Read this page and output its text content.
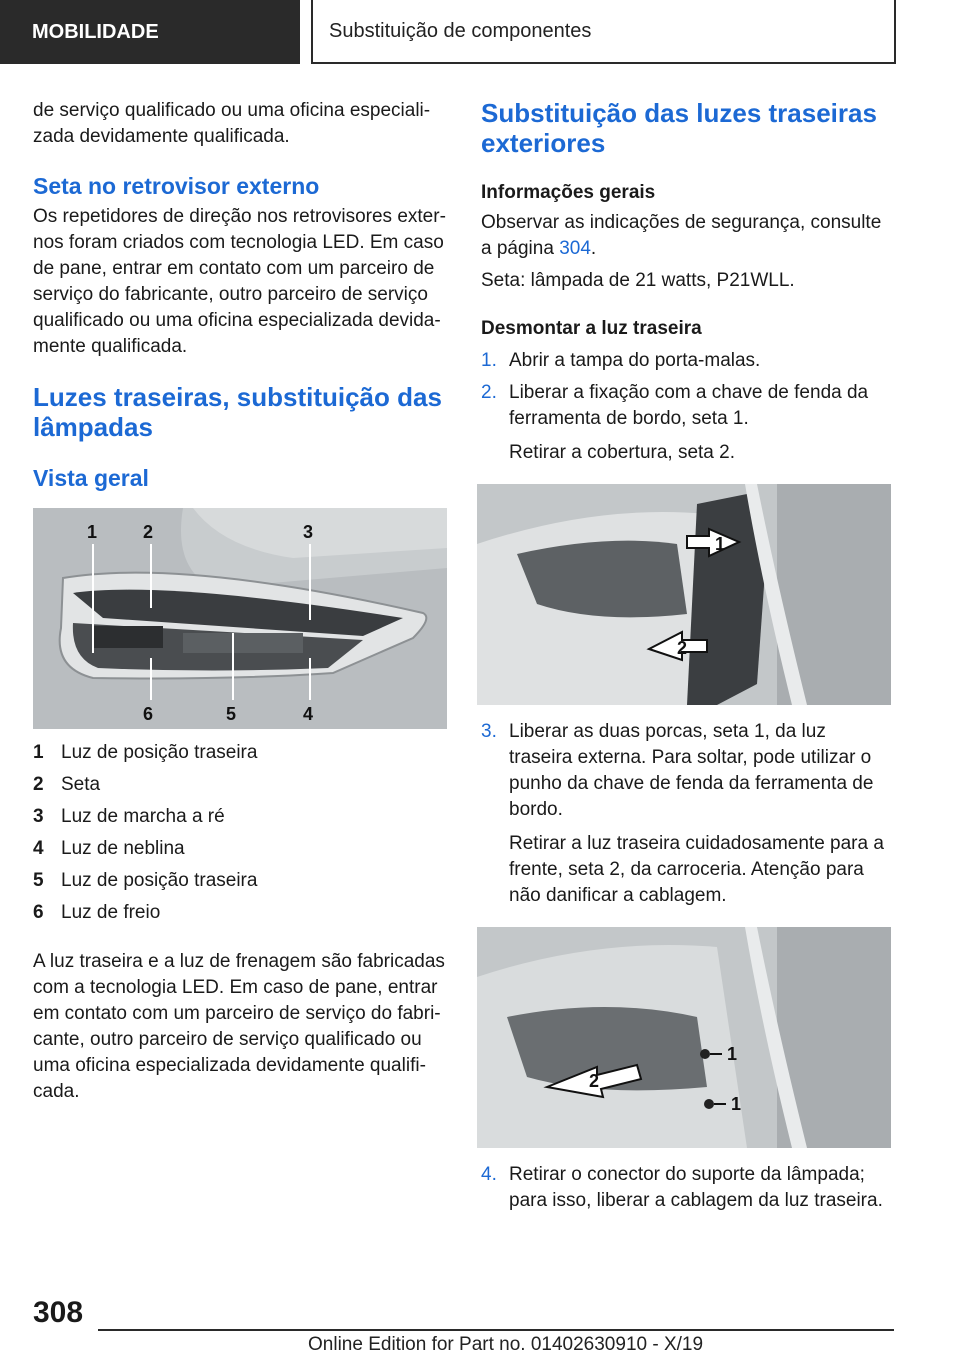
MOBILIDADE	Substituição de componentes

de serviço qualificado ou uma oficina especializada devidamente qualificada.

Seta no retrovisor externo

Os repetidores de direção nos retrovisores externos foram criados com tecnologia LED. Em caso de pane, entrar em contato com um parceiro de serviço do fabricante, outro parceiro de serviço qualificado ou uma oficina especializada devidamente qualificada.

Luzes traseiras, substituição das lâmpadas
Vista geral
1	2	3
4
5
6
1 Luz de posição traseira
2 Seta
3 Luz de marcha a ré
4 Luz de neblina
5 Luz de posição traseira
6 Luz de freio

A luz traseira e a luz de frenagem são fabricadas com a tecnologia LED. Em caso de pane, entrar em contato com um parceiro de serviço do fabricante, outro parceiro de serviço qualificado ou uma oficina especializada devidamente qualificada.

Substituição das luzes traseiras exteriores
Informações gerais

Observar as indicações de segurança, consulte a página 304.

Seta: lâmpada de 21 watts, P21WLL.

Desmontar a luz traseira
1. Abrir a tampa do porta-malas.

2. Liberar a fixação com a chave de fenda da ferramenta de bordo, seta 1.

Retirar a cobertura, seta 2.

1
2
3. Liberar as duas porcas, seta 1, da luz traseira externa. Para soltar, pode utilizar o punho da chave de fenda da ferramenta de bordo.

Retirar a luz traseira cuidadosamente para a frente, seta 2, da carroceria. Atenção para não danificar a cablagem.

1
2
1
4. Retirar o conector do suporte da lâmpada; para isso, liberar a cablagem da luz traseira.

308
Online Edition for Part no. 01402630910 - X/19
